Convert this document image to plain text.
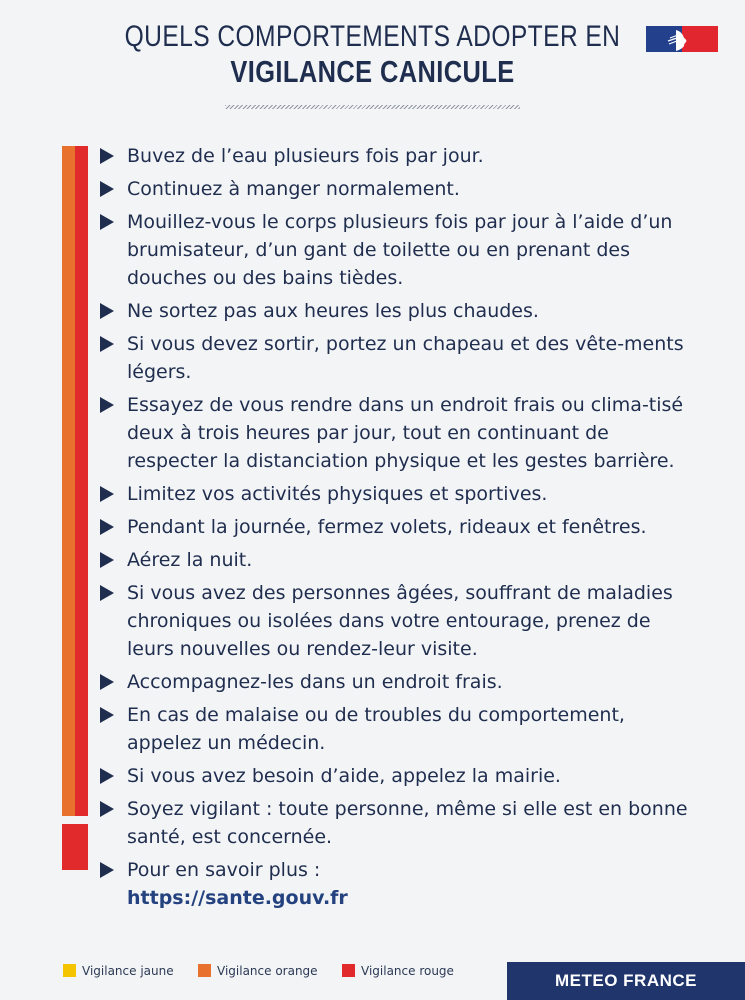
QUELS COMPORTEMENTS ADOPTER EN
VIGILANCE CANICULE
Buvez de l’eau plusieurs fois par jour.
Continuez à manger normalement.
Mouillez-vous le corps plusieurs fois par jour à l’aide d’un brumisateur, d’un gant de toilette ou en prenant des douches ou des bains tièdes.
Ne sortez pas aux heures les plus chaudes.
Si vous devez sortir, portez un chapeau et des vête-ments légers.
Essayez de vous rendre dans un endroit frais ou clima-tisé deux à trois heures par jour, tout en continuant de respecter la distanciation physique et les gestes barrière.
Limitez vos activités physiques et sportives.
Pendant la journée, fermez volets, rideaux et fenêtres.
Aérez la nuit.
Si vous avez des personnes âgées, souffrant de maladies chroniques ou isolées dans votre entourage, prenez de leurs nouvelles ou rendez-leur visite.
Accompagnez-les dans un endroit frais.
En cas de malaise ou de troubles du comportement, appelez un médecin.
Si vous avez besoin d’aide, appelez la mairie.
Soyez vigilant : toute personne, même si elle est en bonne santé, est concernée.
Pour en savoir plus :
https://sante.gouv.fr
Vigilance jaune	Vigilance orange	Vigilance rouge	METEO FRANCE
